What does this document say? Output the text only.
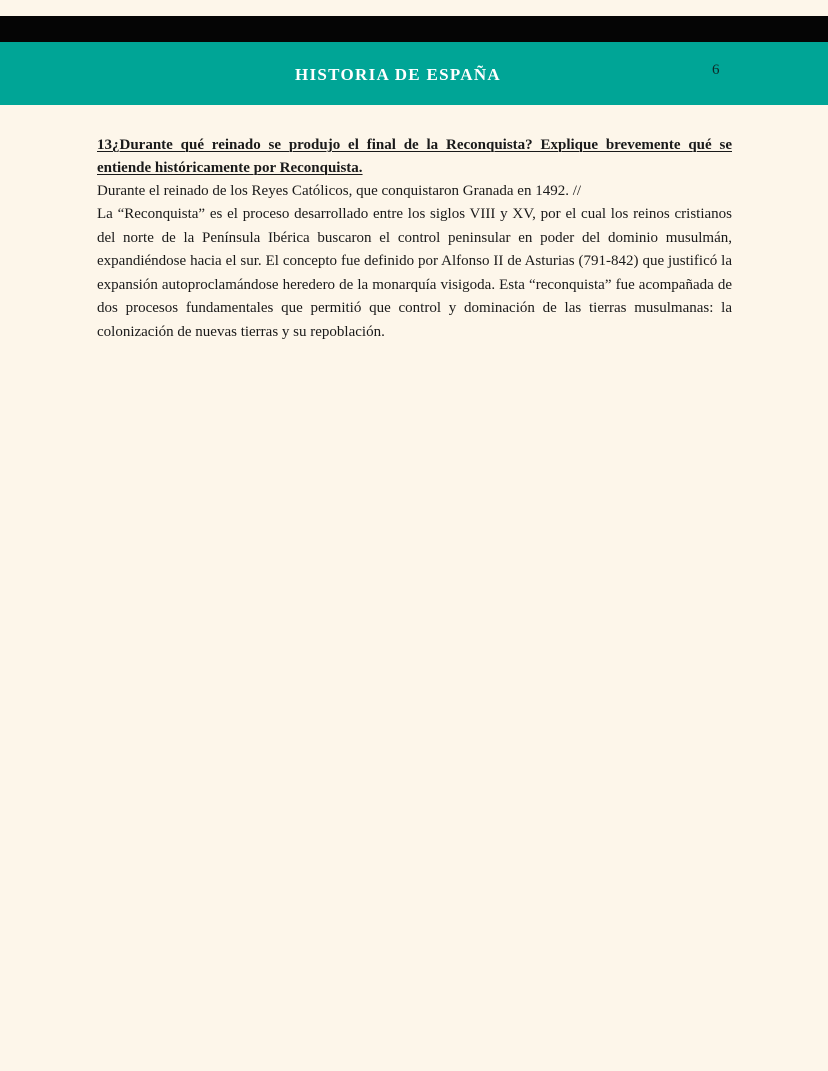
HISTORIA DE ESPAÑA	6

13¿Durante qué reinado se produjo el final de la Reconquista? Explique brevemente qué se entiende históricamente por Reconquista.

Durante el reinado de los Reyes Católicos, que conquistaron Granada en 1492. //

La “Reconquista” es el proceso desarrollado entre los siglos VIII y XV, por el cual los reinos cristianos del norte de la Península Ibérica buscaron el control peninsular en poder del dominio musulmán, expandiéndose hacia el sur. El concepto fue definido por Alfonso II de Asturias (791-842) que justificó la expansión autoproclamándose heredero de la monarquía visigoda. Esta “reconquista” fue acompañada de dos procesos fundamentales que permitió que control y dominación de las tierras musulmanas: la colonización de nuevas tierras y su repoblación.
